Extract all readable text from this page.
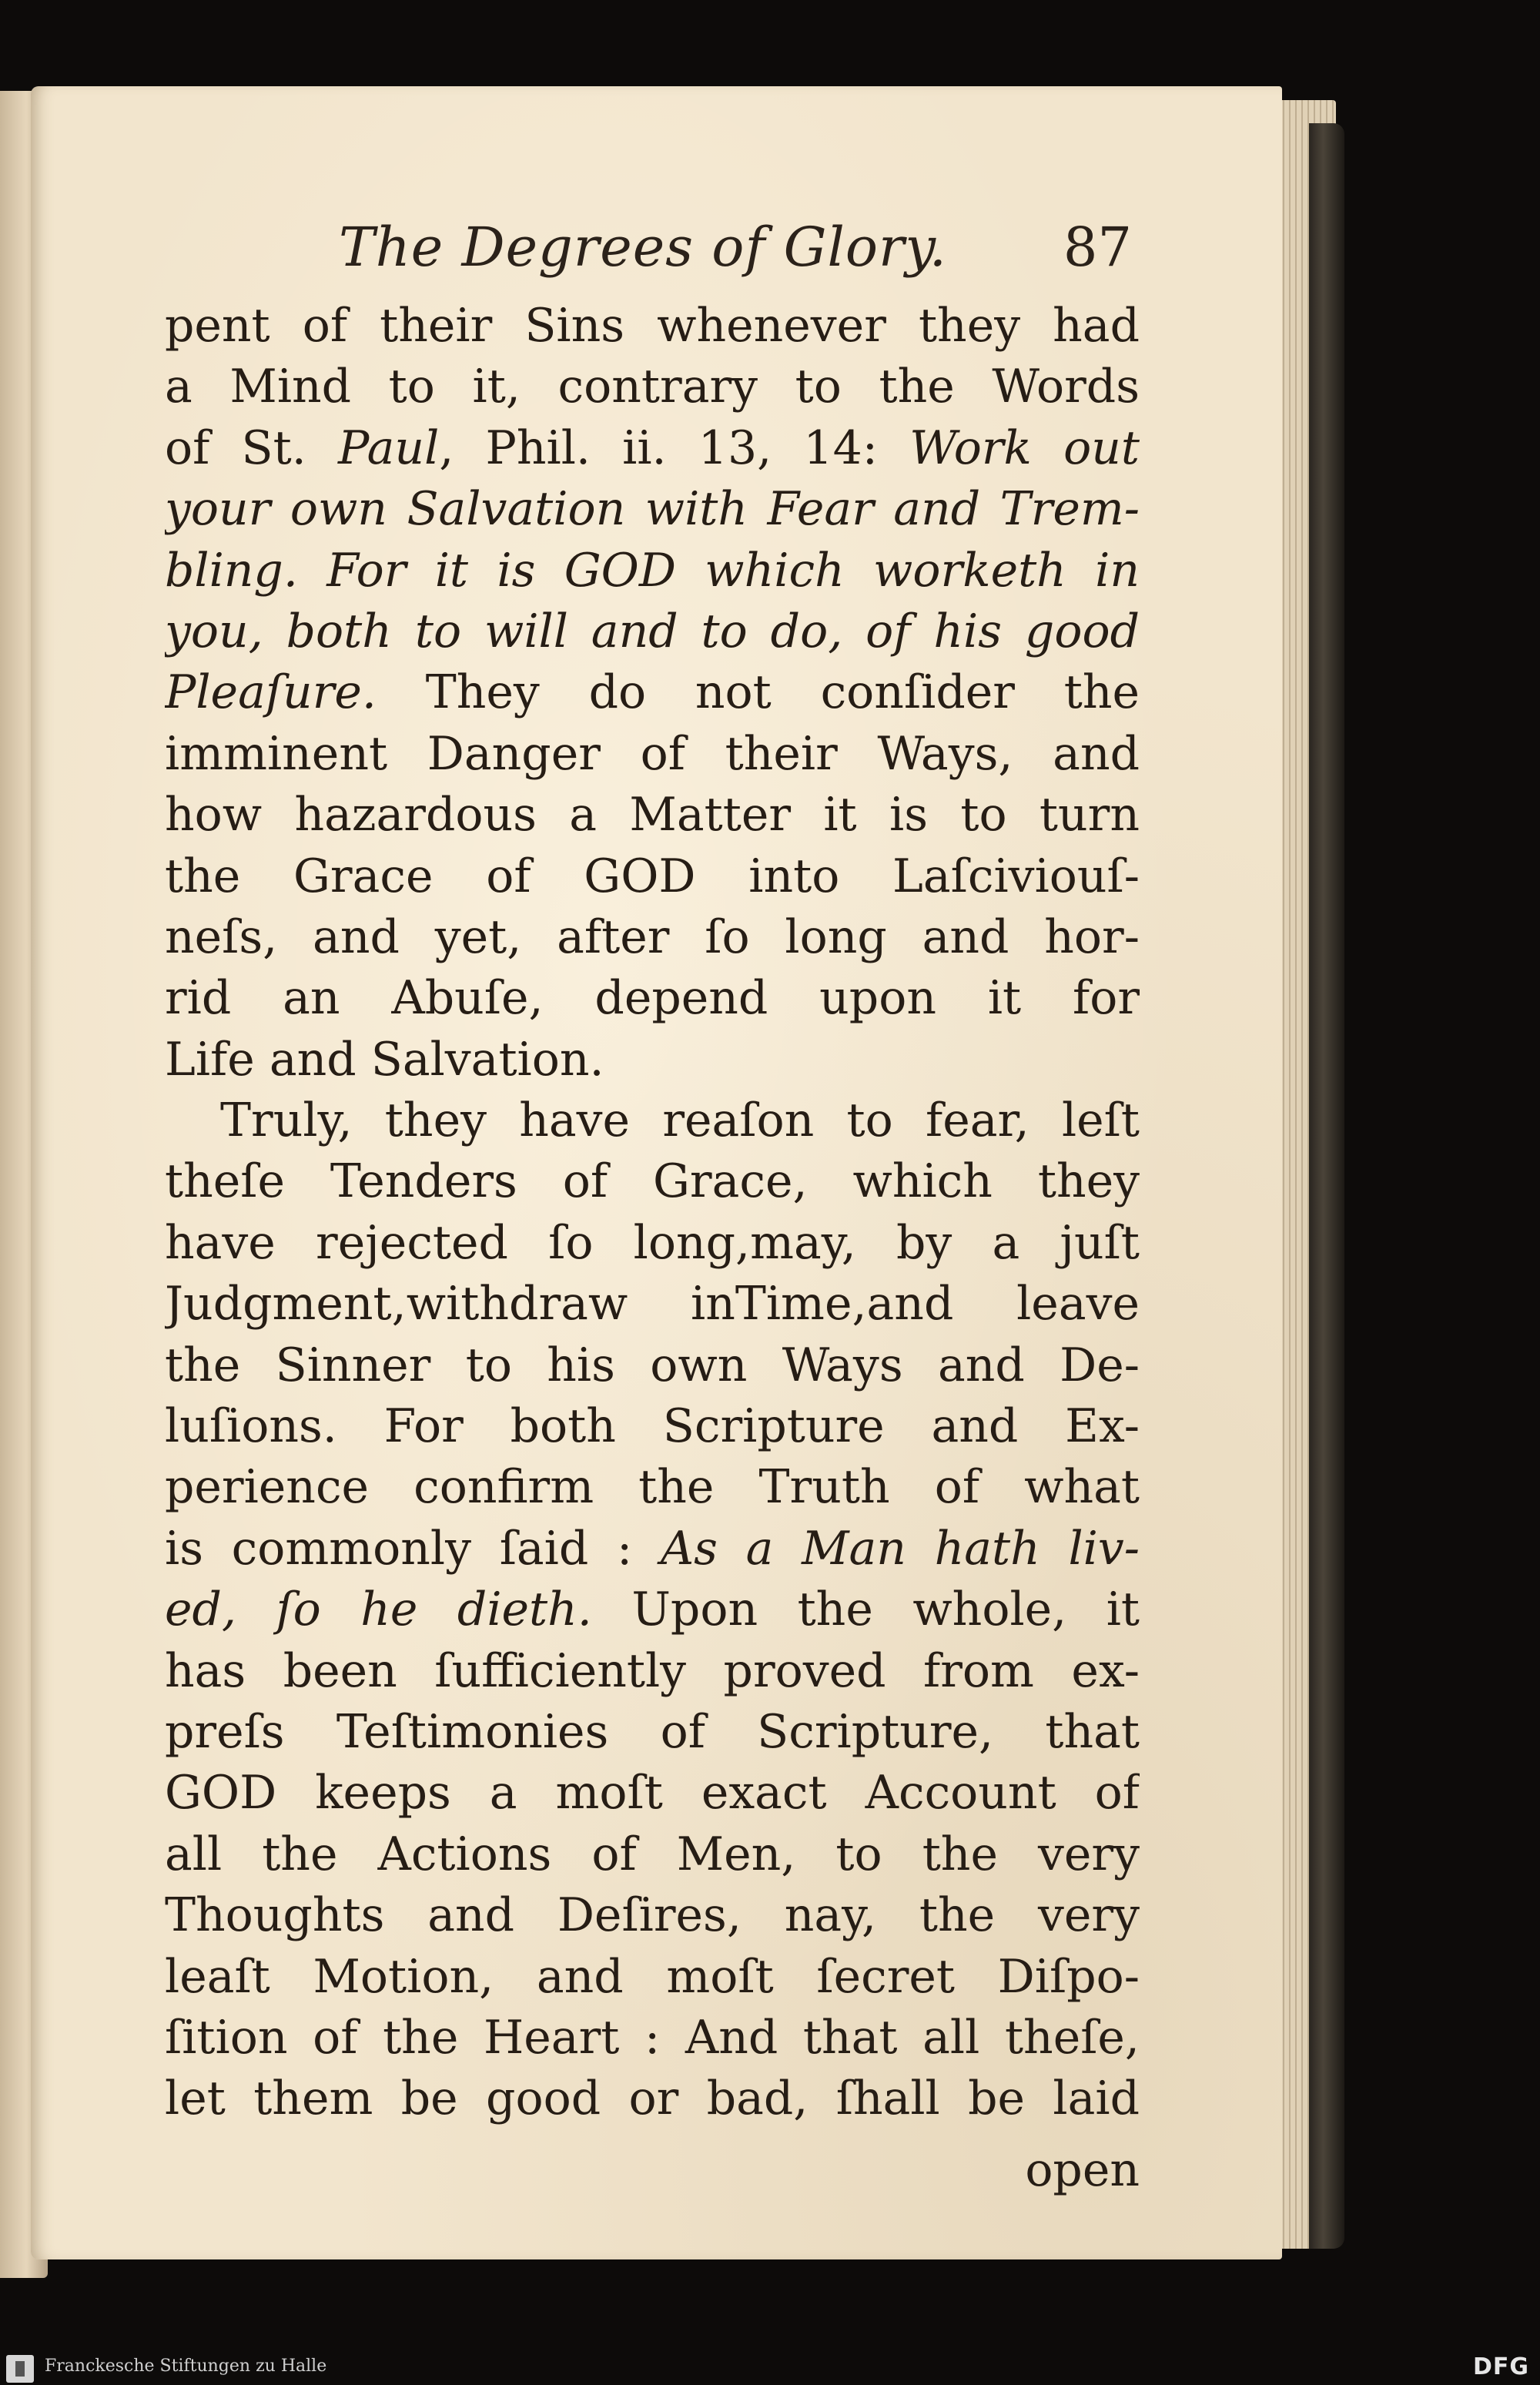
The Degrees of Glory. 87
pent of their Sins whenever they had
a Mind to it, contrary to the Words
of St. Paul, Phil. ii. 13, 14: Work out
your own Salvation with Fear and Trem-
bling. For it is GOD which worketh in
you, both to will and to do, of his good
Pleaſure. They do not conſider the
imminent Danger of their Ways, and
how hazardous a Matter it is to turn
the Grace of GOD into Laſciviouſ-
neſs, and yet, after ſo long and hor-
rid an Abuſe, depend upon it for
Life and Salvation.
Truly, they have reaſon to fear, leſt
theſe Tenders of Grace, which they
have rejected ſo long,may, by a juſt
Judgment,withdraw inTime,and leave
the Sinner to his own Ways and De-
luſions. For both Scripture and Ex-
perience confirm the Truth of what
is commonly ſaid : As a Man hath liv-
ed, ſo he dieth. Upon the whole, it
has been ſufficiently proved from ex-
preſs Teſtimonies of Scripture, that
GOD keeps a moſt exact Account of
all the Actions of Men, to the very
Thoughts and Deſires, nay, the very
leaſt Motion, and moſt ſecret Diſpo-
ſition of the Heart : And that all theſe,
let them be good or bad, ſhall be laid
open
Franckesche Stiftungen zu Halle	DFG
